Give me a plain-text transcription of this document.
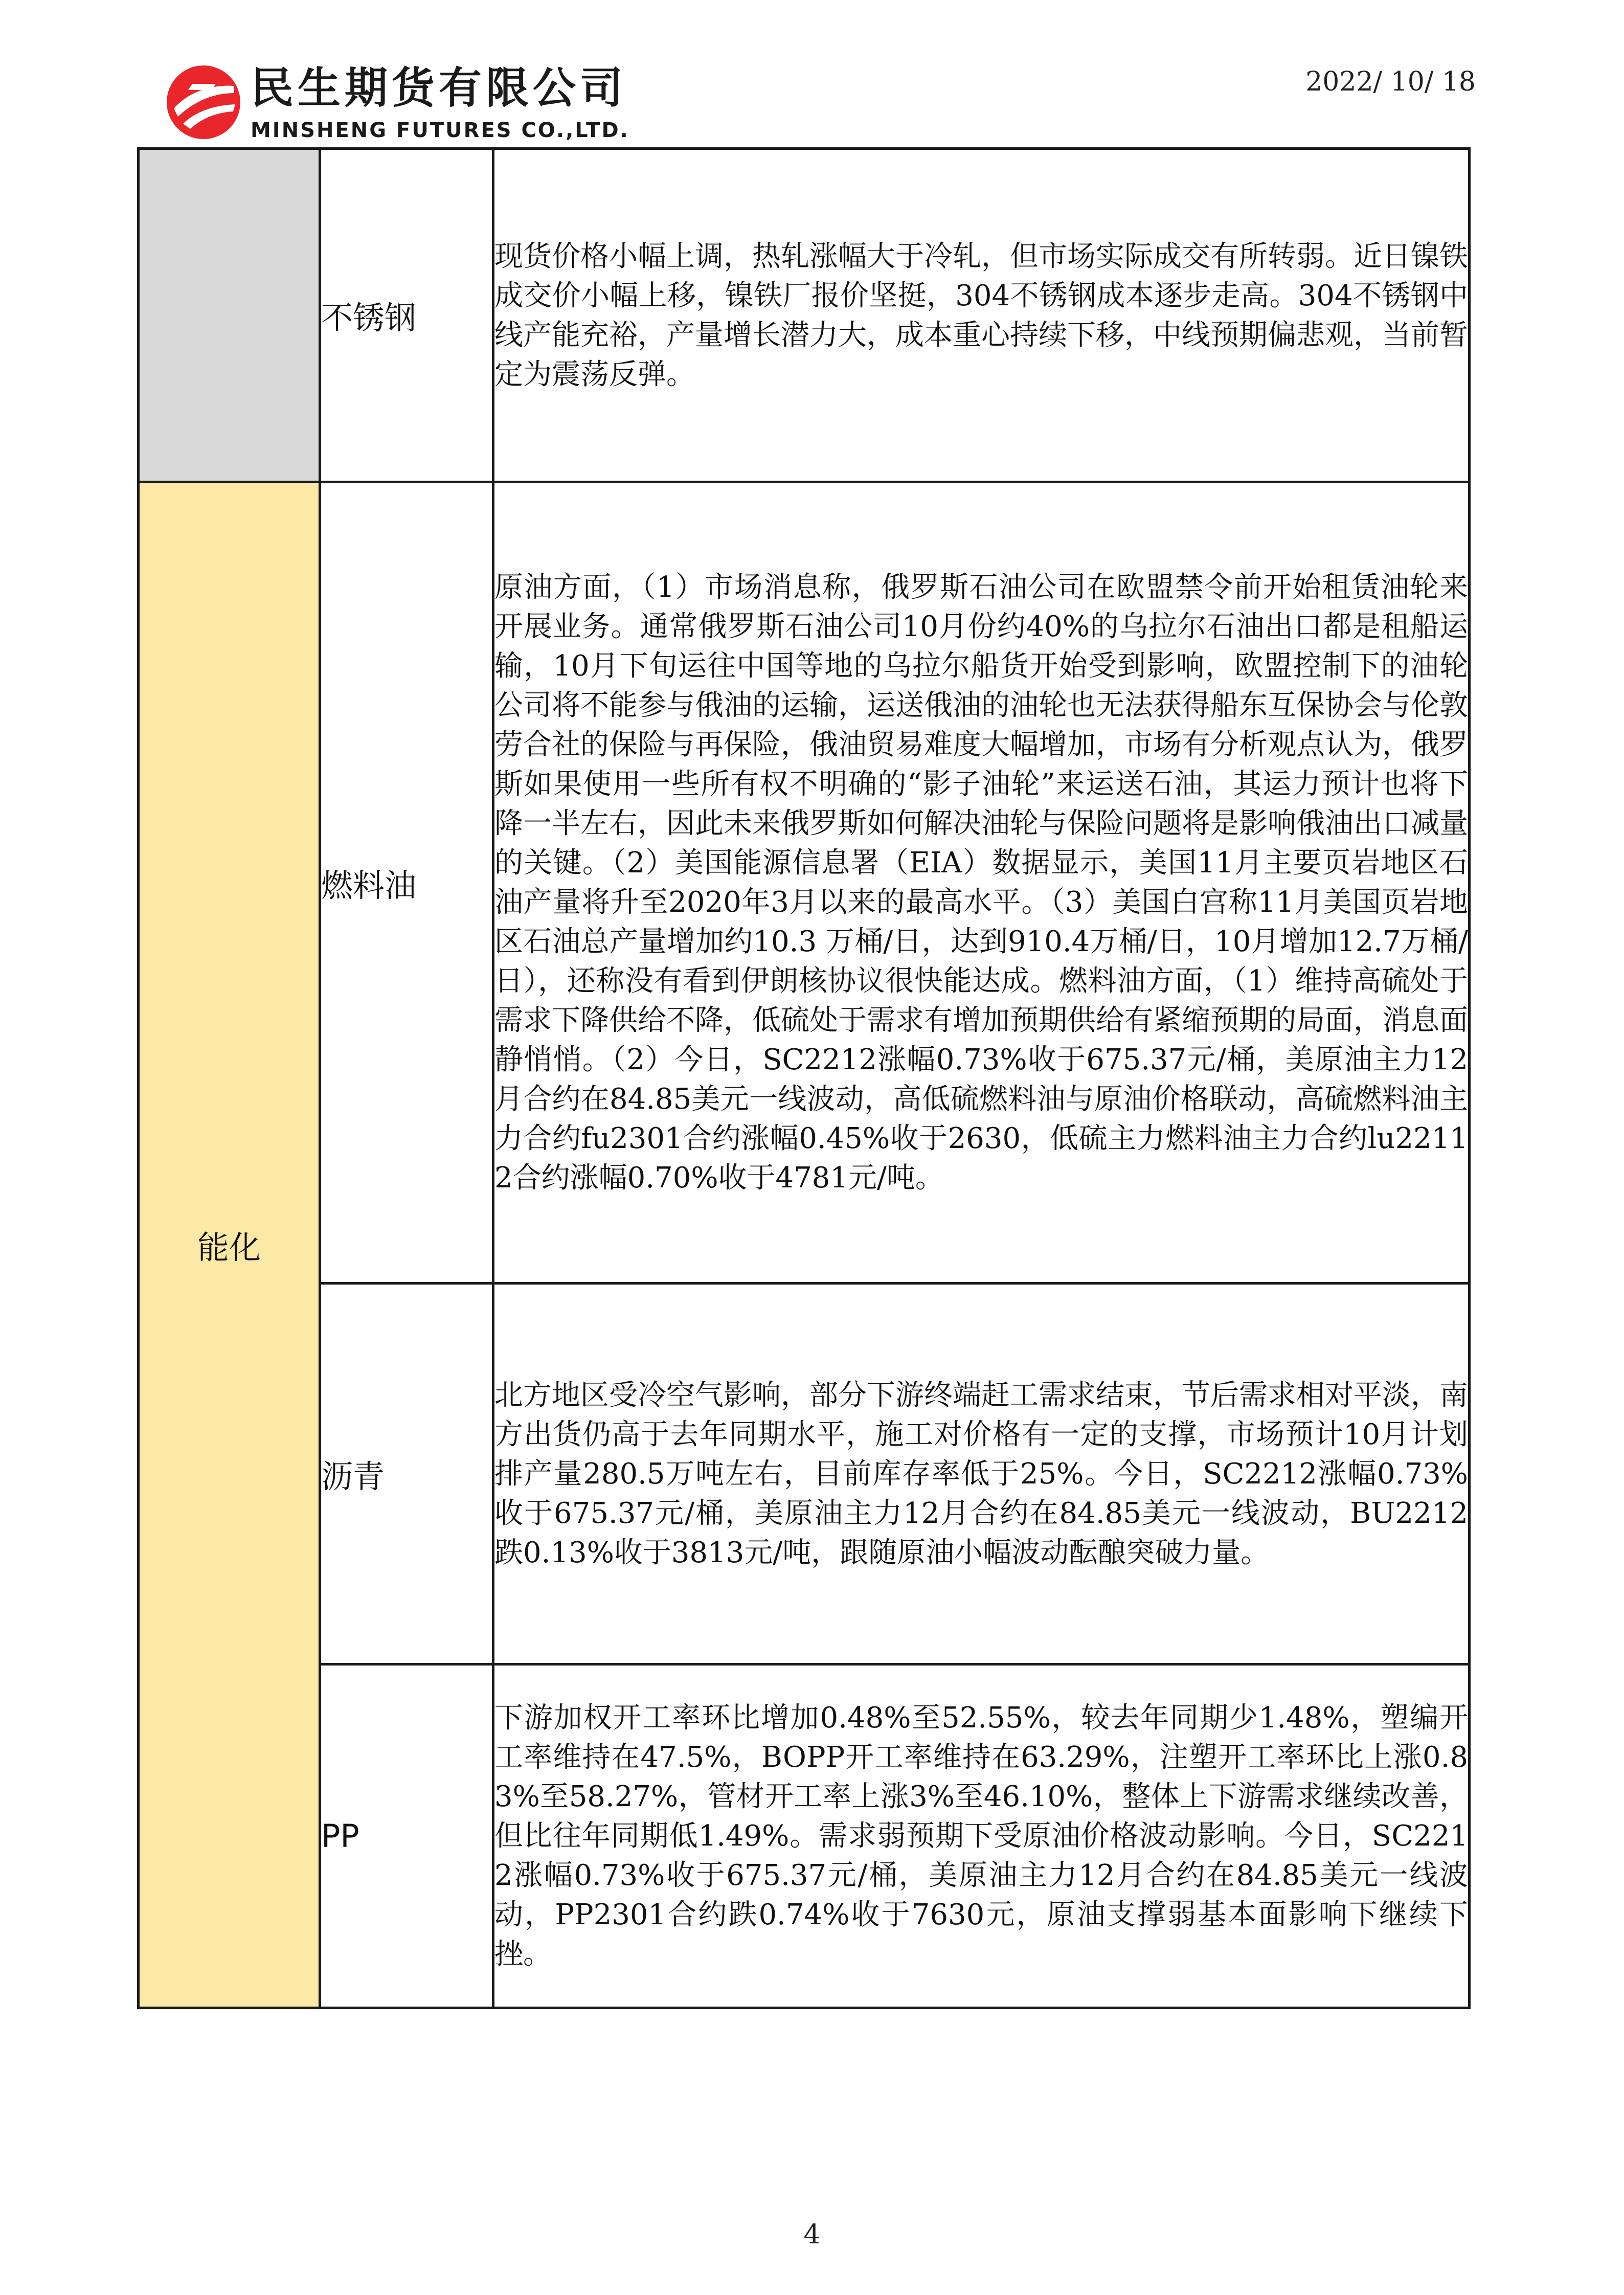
民生期货有限公司
MINSHENG FUTURES CO.,LTD.
2022/ 10/ 18
	不锈钢	现货价格小幅上调，热轧涨幅大于冷轧，但市场实际成交有所转弱。近日镍铁成交价小幅上移，镍铁厂报价坚挺，304不锈钢成本逐步走高。304不锈钢中线产能充裕，产量增长潜力大，成本重心持续下移，中线预期偏悲观，当前暂定为震荡反弹。

能化	燃料油	原油方面，（1）市场消息称，俄罗斯石油公司在欧盟禁令前开始租赁油轮来开展业务。通常俄罗斯石油公司10月份约40%的乌拉尔石油出口都是租船运输，10月下旬运往中国等地的乌拉尔船货开始受到影响，欧盟控制下的油轮公司将不能参与俄油的运输，运送俄油的油轮也无法获得船东互保协会与伦敦劳合社的保险与再保险，俄油贸易难度大幅增加，市场有分析观点认为，俄罗斯如果使用一些所有权不明确的“影子油轮”来运送石油，其运力预计也将下降一半左右，因此未来俄罗斯如何解决油轮与保险问题将是影响俄油出口减量的关键。（2）美国能源信息署（EIA）数据显示，美国11月主要页岩地区石油产量将升至2020年3月以来的最高水平。（3）美国白宫称11月美国页岩地区石油总产量增加约10.3 万桶/日，达到910.4万桶/日，10月增加12.7万桶/日），还称没有看到伊朗核协议很快能达成。燃料油方面，（1）维持高硫处于需求下降供给不降，低硫处于需求有增加预期供给有紧缩预期的局面，消息面静悄悄。（2）今日，SC2212涨幅0.73%收于675.37元/桶，美原油主力12月合约在84.85美元一线波动，高低硫燃料油与原油价格联动，高硫燃料油主力合约fu2301合约涨幅0.45%收于2630，低硫主力燃料油主力合约lu22112合约涨幅0.70%收于4781元/吨。

	沥青	北方地区受冷空气影响，部分下游终端赶工需求结束，节后需求相对平淡，南方出货仍高于去年同期水平，施工对价格有一定的支撑，市场预计10月计划排产量280.5万吨左右，目前库存率低于25%。今日，SC2212涨幅0.73%收于675.37元/桶，美原油主力12月合约在84.85美元一线波动，BU2212跌0.13%收于3813元/吨，跟随原油小幅波动酝酿突破力量。

	PP	下游加权开工率环比增加0.48%至52.55%，较去年同期少1.48%，塑编开工率维持在47.5%，BOPP开工率维持在63.29%，注塑开工率环比上涨0.83%至58.27%，管材开工率上涨3%至46.10%，整体上下游需求继续改善，但比往年同期低1.49%。需求弱预期下受原油价格波动影响。今日，SC2212涨幅0.73%收于675.37元/桶，美原油主力12月合约在84.85美元一线波动，PP2301合约跌0.74%收于7630元，原油支撑弱基本面影响下继续下挫。
4
